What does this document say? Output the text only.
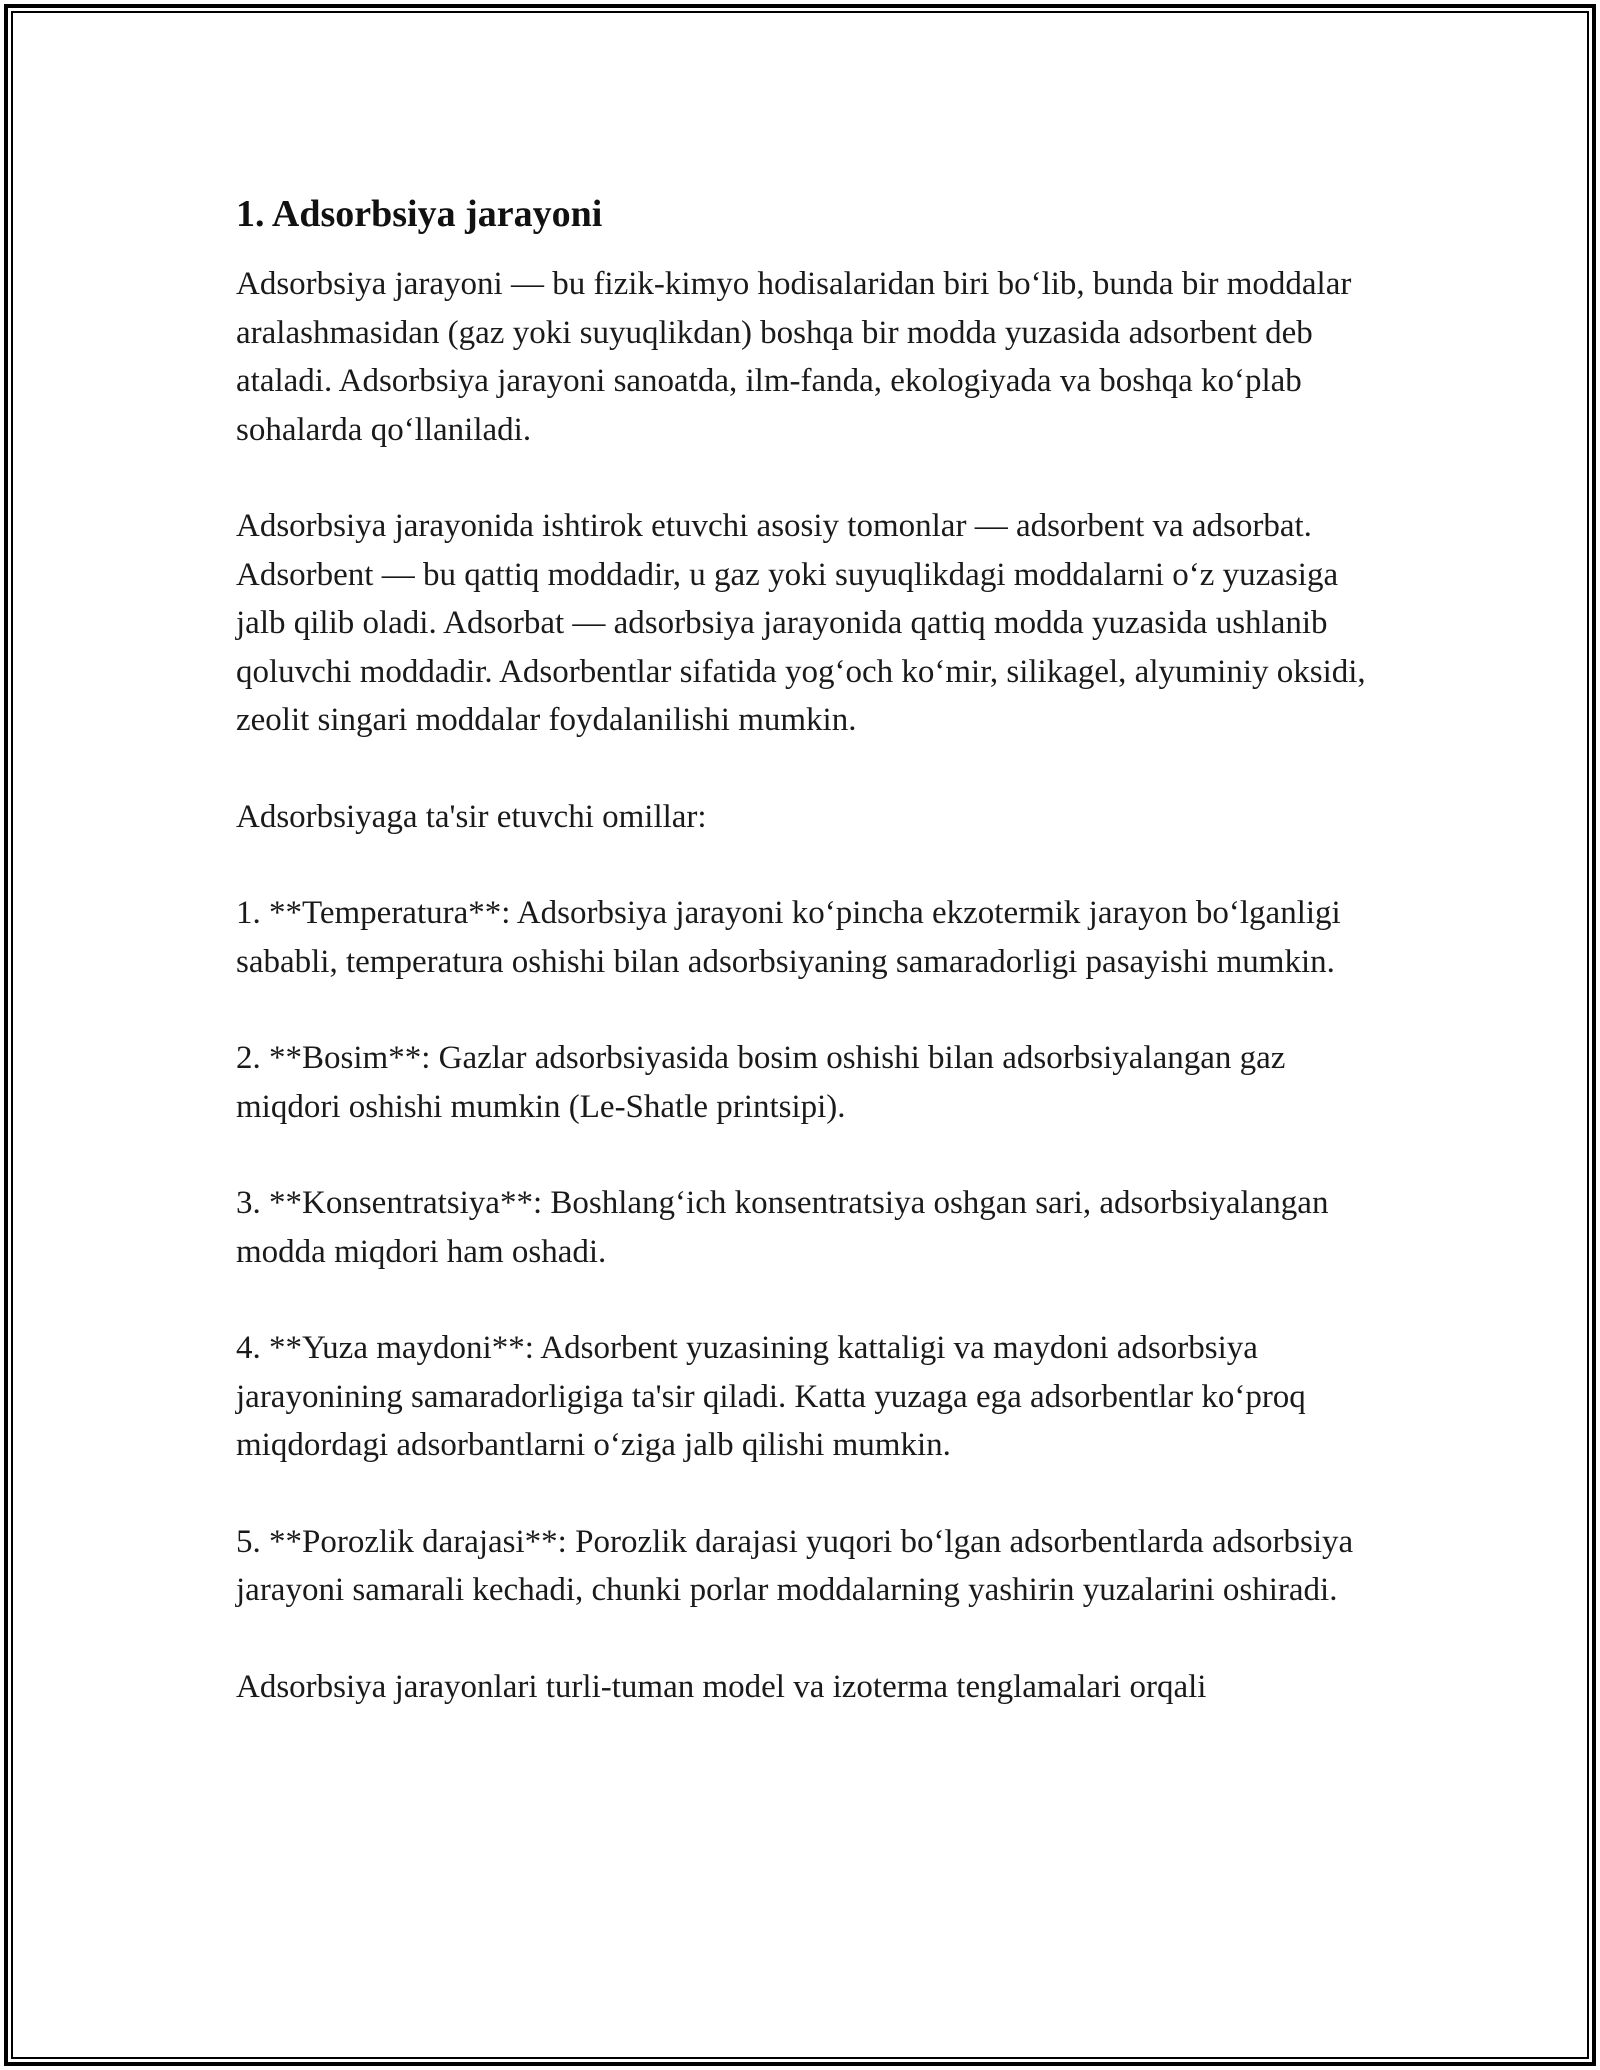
1. Adsorbsiya jarayoni

Adsorbsiya jarayoni — bu fizik-kimyo hodisalaridan biri bo‘lib, bunda bir moddalar aralashmasidan (gaz yoki suyuqlikdan) boshqa bir modda yuzasida adsorbent deb ataladi. Adsorbsiya jarayoni sanoatda, ilm-fanda, ekologiyada va boshqa ko‘plab sohalarda qo‘llaniladi.

Adsorbsiya jarayonida ishtirok etuvchi asosiy tomonlar — adsorbent va adsorbat. Adsorbent — bu qattiq moddadir, u gaz yoki suyuqlikdagi moddalarni o‘z yuzasiga jalb qilib oladi. Adsorbat — adsorbsiya jarayonida qattiq modda yuzasida ushlanib qoluvchi moddadir. Adsorbentlar sifatida yog‘och ko‘mir, silikagel, alyuminiy oksidi, zeolit singari moddalar foydalanilishi mumkin.

Adsorbsiyaga ta'sir etuvchi omillar:

1. **Temperatura**: Adsorbsiya jarayoni ko‘pincha ekzotermik jarayon bo‘lganligi sababli, temperatura oshishi bilan adsorbsiyaning samaradorligi pasayishi mumkin.

2. **Bosim**: Gazlar adsorbsiyasida bosim oshishi bilan adsorbsiyalangan gaz miqdori oshishi mumkin (Le-Shatle printsipi).

3. **Konsentratsiya**: Boshlang‘ich konsentratsiya oshgan sari, adsorbsiyalangan modda miqdori ham oshadi.

4. **Yuza maydoni**: Adsorbent yuzasining kattaligi va maydoni adsorbsiya jarayonining samaradorligiga ta'sir qiladi. Katta yuzaga ega adsorbentlar ko‘proq miqdordagi adsorbantlarni o‘ziga jalb qilishi mumkin.

5. **Porozlik darajasi**: Porozlik darajasi yuqori bo‘lgan adsorbentlarda adsorbsiya jarayoni samarali kechadi, chunki porlar moddalarning yashirin yuzalarini oshiradi.

Adsorbsiya jarayonlari turli-tuman model va izoterma tenglamalari orqali
